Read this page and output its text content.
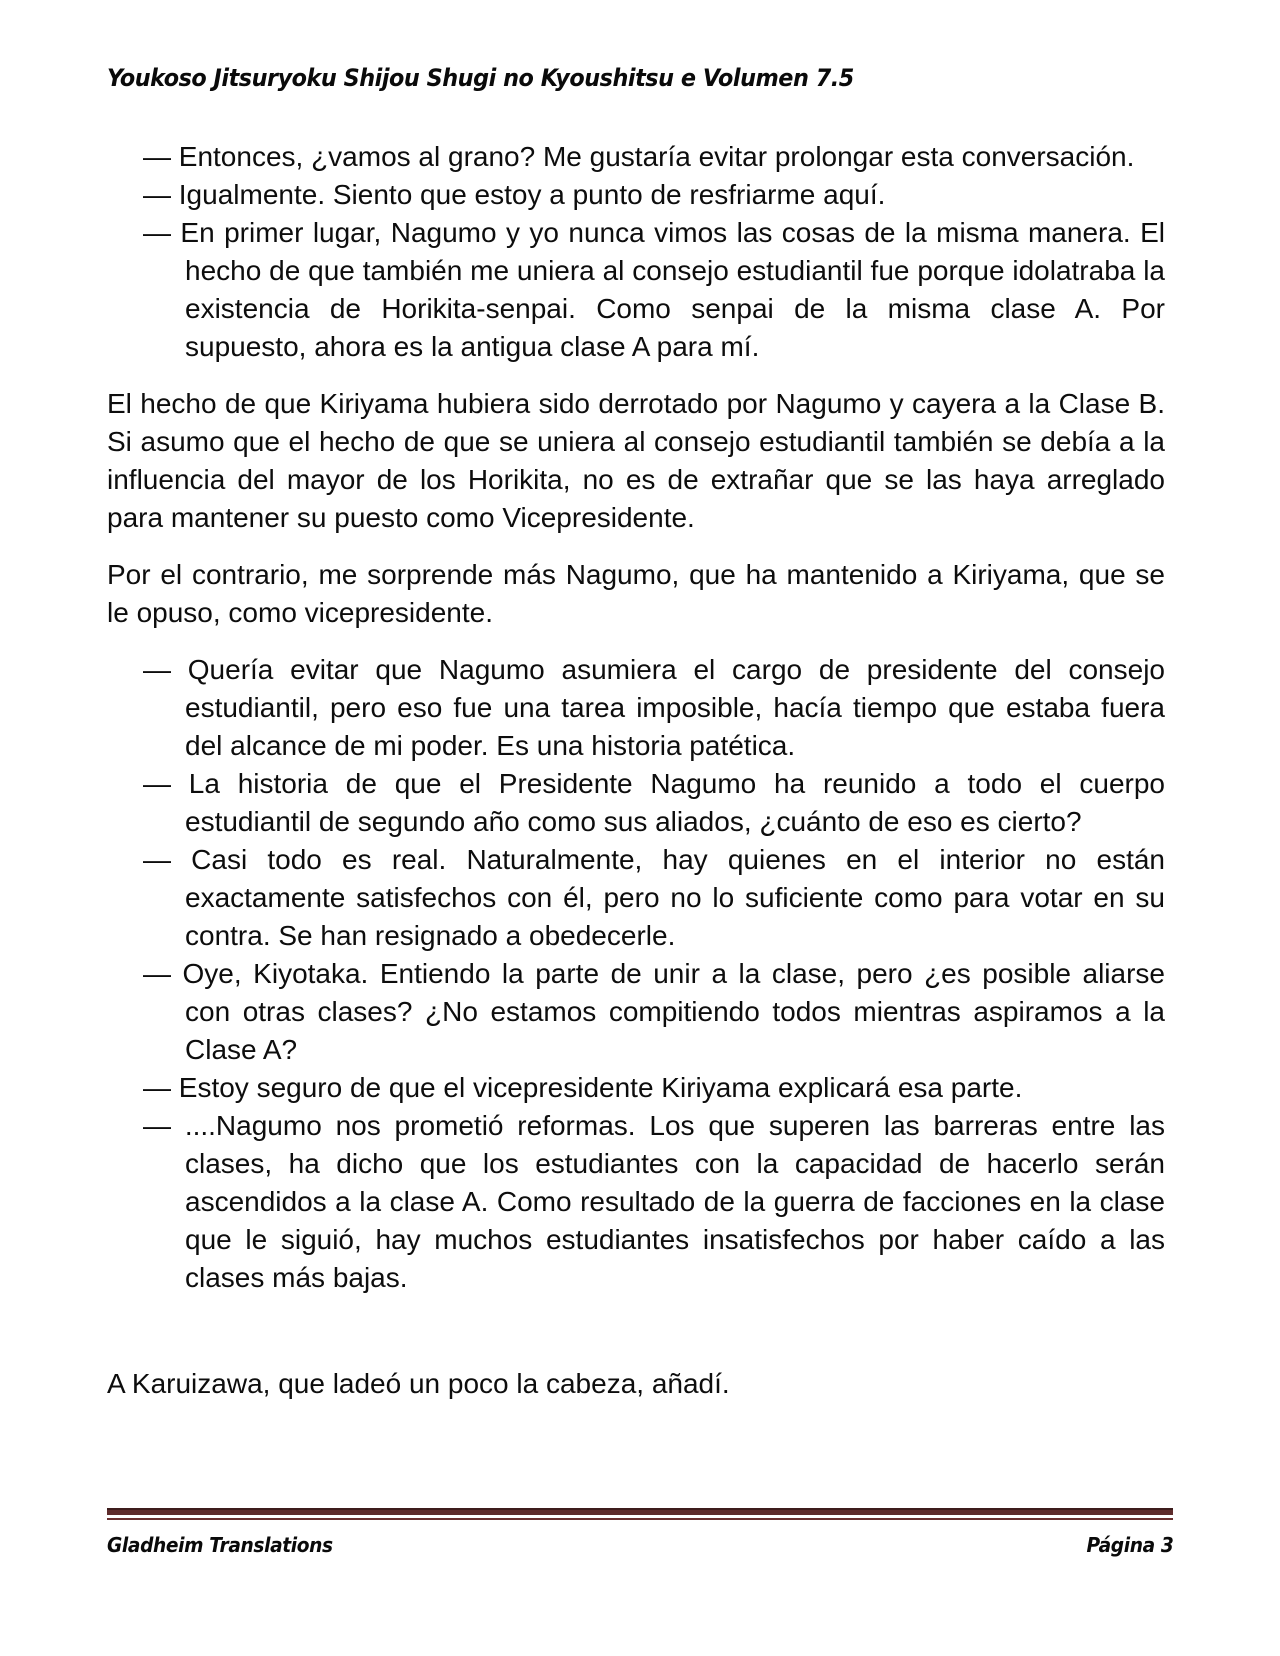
Youkoso Jitsuryoku Shijou Shugi no Kyoushitsu e Volumen 7.5
— Entonces, ¿vamos al grano? Me gustaría evitar prolongar esta conversación.
— Igualmente. Siento que estoy a punto de resfriarme aquí.
— En primer lugar, Nagumo y yo nunca vimos las cosas de la misma manera. El hecho de que también me uniera al consejo estudiantil fue porque idolatraba la existencia de Horikita-senpai. Como senpai de la misma clase A. Por supuesto, ahora es la antigua clase A para mí.
El hecho de que Kiriyama hubiera sido derrotado por Nagumo y cayera a la Clase B. Si asumo que el hecho de que se uniera al consejo estudiantil también se debía a la influencia del mayor de los Horikita, no es de extrañar que se las haya arreglado para mantener su puesto como Vicepresidente.
Por el contrario, me sorprende más Nagumo, que ha mantenido a Kiriyama, que se le opuso, como vicepresidente.
— Quería evitar que Nagumo asumiera el cargo de presidente del consejo estudiantil, pero eso fue una tarea imposible, hacía tiempo que estaba fuera del alcance de mi poder. Es una historia patética.
— La historia de que el Presidente Nagumo ha reunido a todo el cuerpo estudiantil de segundo año como sus aliados, ¿cuánto de eso es cierto?
— Casi todo es real. Naturalmente, hay quienes en el interior no están exactamente satisfechos con él, pero no lo suficiente como para votar en su contra. Se han resignado a obedecerle.
— Oye, Kiyotaka. Entiendo la parte de unir a la clase, pero ¿es posible aliarse con otras clases? ¿No estamos compitiendo todos mientras aspiramos a la Clase A?
— Estoy seguro de que el vicepresidente Kiriyama explicará esa parte.
— ....Nagumo nos prometió reformas. Los que superen las barreras entre las clases, ha dicho que los estudiantes con la capacidad de hacerlo serán ascendidos a la clase A. Como resultado de la guerra de facciones en la clase que le siguió, hay muchos estudiantes insatisfechos por haber caído a las clases más bajas.
A Karuizawa, que ladeó un poco la cabeza, añadí.
Gladheim Translations	Página 3
